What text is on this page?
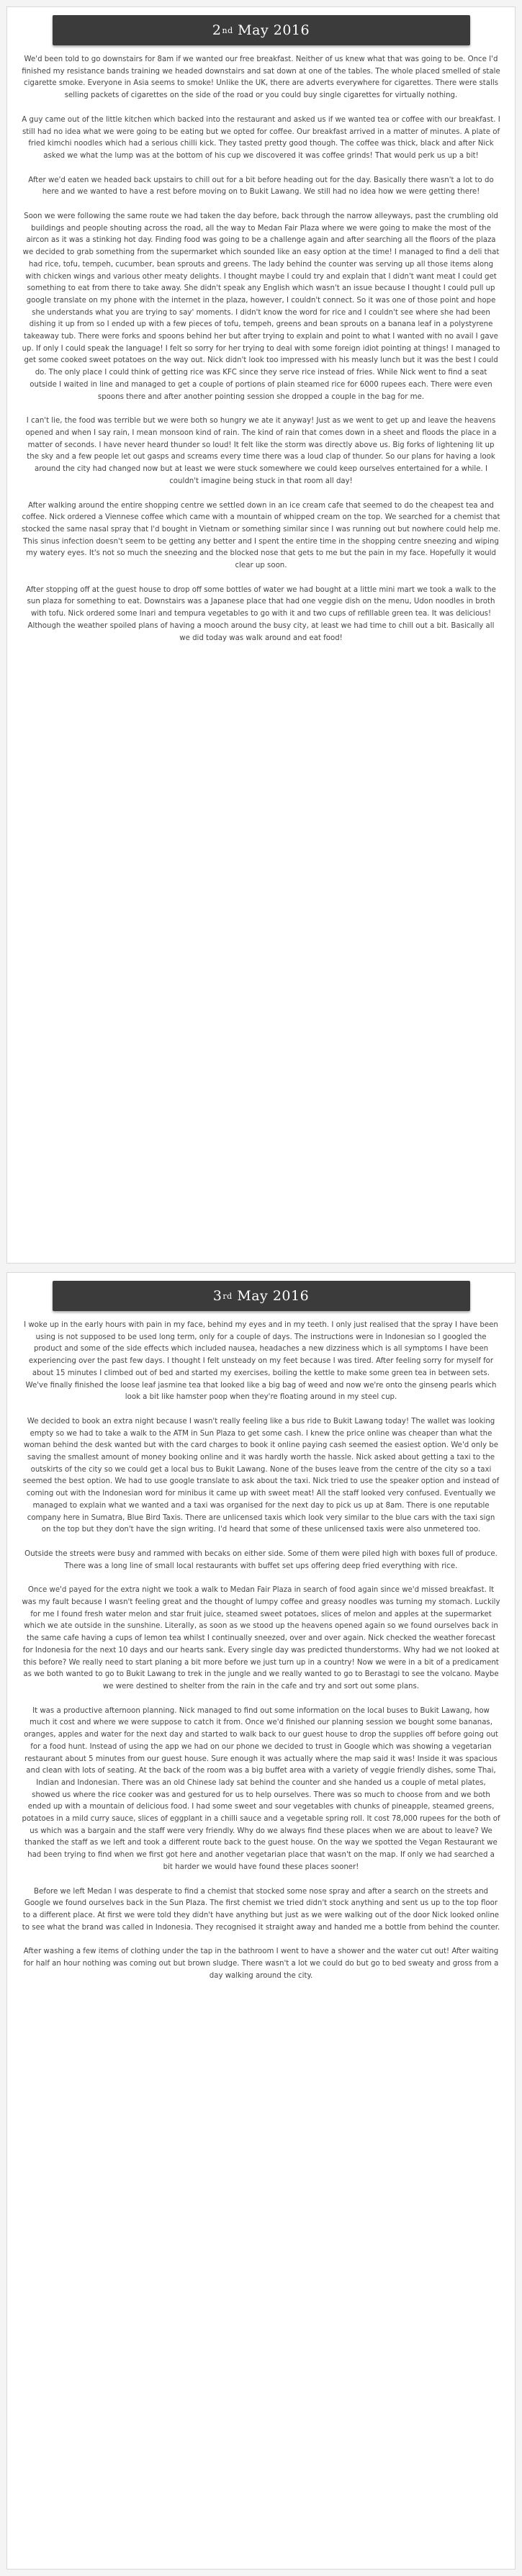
2 nd
May 2016

We'd been told to go downstairs for 8am if we wanted our free breakfast. Neither of us knew what that was going to be. Once I'd finished my resistance bands training we headed downstairs and sat down at one of the tables. The whole placed smelled of stale cigarette smoke. Everyone in Asia seems to smoke! Unlike the UK, there are adverts everywhere for cigarettes. There were stalls selling packets of cigarettes on the side of the road or you could buy single cigarettes for virtually nothing.

A guy came out of the little kitchen which backed into the restaurant and asked us if we wanted tea or coffee with our breakfast. I still had no idea what we were going to be eating but we opted for coffee. Our breakfast arrived in a matter of minutes. A plate of fried kimchi noodles which had a serious chilli kick. They tasted pretty good though. The coffee was thick, black and after Nick asked we what the lump was at the bottom of his cup we discovered it was coffee grinds! That would perk us up a bit!

After we'd eaten we headed back upstairs to chill out for a bit before heading out for the day. Basically there wasn't a lot to do here and we wanted to have a rest before moving on to Bukit Lawang. We still had no idea how we were getting there!

Soon we were following the same route we had taken the day before, back through the narrow alleyways, past the crumbling old buildings and people shouting across the road, all the way to Medan Fair Plaza where we were going to make the most of the aircon as it was a stinking hot day. Finding food was going to be a challenge again and after searching all the floors of the plaza we decided to grab something from the supermarket which sounded like an easy option at the time! I managed to find a deli that had rice, tofu, tempeh, cucumber, bean sprouts and greens. The lady behind the counter was serving up all those items along with chicken wings and various other meaty delights. I thought maybe I could try and explain that I didn't want meat I could get something to eat from there to take away. She didn't speak any English which wasn't an issue because I thought I could pull up google translate on my phone with the internet in the plaza, however, I couldn't connect. So it was one of those point and hope she understands what you are trying to say' moments. I didn't know the word for rice and I couldn't see where she had been dishing it up from so I ended up with a few pieces of tofu, tempeh, greens and bean sprouts on a banana leaf in a polystyrene takeaway tub. There were forks and spoons behind her but after trying to explain and point to what I wanted with no avail I gave up. If only I could speak the language! I felt so sorry for her trying to deal with some foreign idiot pointing at things! I managed to get some cooked sweet potatoes on the way out. Nick didn't look too impressed with his measly lunch but it was the best I could do. The only place I could think of getting rice was KFC since they serve rice instead of fries. While Nick went to find a seat outside I waited in line and managed to get a couple of portions of plain steamed rice for 6000 rupees each. There were even spoons there and after another pointing session she dropped a couple in the bag for me.

I can't lie, the food was terrible but we were both so hungry we ate it anyway! Just as we went to get up and leave the heavens opened and when I say rain, I mean monsoon kind of rain. The kind of rain that comes down in a sheet and floods the place in a matter of seconds. I have never heard thunder so loud! It felt like the storm was directly above us. Big forks of lightening lit up the sky and a few people let out gasps and screams every time there was a loud clap of thunder. So our plans for having a look around the city had changed now but at least we were stuck somewhere we could keep ourselves entertained for a while. I couldn't imagine being stuck in that room all day!

After walking around the entire shopping centre we settled down in an ice cream cafe that seemed to do the cheapest tea and coffee. Nick ordered a Viennese coffee which came with a mountain of whipped cream on the top. We searched for a chemist that stocked the same nasal spray that I'd bought in Vietnam or something similar since I was running out but nowhere could help me. This sinus infection doesn't seem to be getting any better and I spent the entire time in the shopping centre sneezing and wiping my watery eyes. It's not so much the sneezing and the blocked nose that gets to me but the pain in my face. Hopefully it would clear up soon.

After stopping off at the guest house to drop off some bottles of water we had bought at a little mini mart we took a walk to the sun plaza for something to eat. Downstairs was a Japanese place that had one veggie dish on the menu, Udon noodles in broth with tofu. Nick ordered some Inari and tempura vegetables to go with it and two cups of refillable green tea. It was delicious! Although the weather spoiled plans of having a mooch around the busy city, at least we had time to chill out a bit. Basically all we did today was walk around and eat food!

3 rd
May 2016

I woke up in the early hours with pain in my face, behind my eyes and in my teeth. I only just realised that the spray I have been using is not supposed to be used long term, only for a couple of days. The instructions were in Indonesian so I googled the product and some of the side effects which included nausea, headaches a new dizziness which is all symptoms I have been experiencing over the past few days. I thought I felt unsteady on my feet because I was tired. After feeling sorry for myself for about 15 minutes I climbed out of bed and started my exercises, boiling the kettle to make some green tea in between sets. We've finally finished the loose leaf jasmine tea that looked like a big bag of weed and now we're onto the ginseng pearls which look a bit like hamster poop when they're floating around in my steel cup.

We decided to book an extra night because I wasn't really feeling like a bus ride to Bukit Lawang today! The wallet was looking empty so we had to take a walk to the ATM in Sun Plaza to get some cash. I knew the price online was cheaper than what the woman behind the desk wanted but with the card charges to book it online paying cash seemed the easiest option. We'd only be saving the smallest amount of money booking online and it was hardly worth the hassle. Nick asked about getting a taxi to the outskirts of the city so we could get a local bus to Bukit Lawang. None of the buses leave from the centre of the city so a taxi seemed the best option. We had to use google translate to ask about the taxi. Nick tried to use the speaker option and instead of coming out with the Indonesian word for minibus it came up with sweet meat! All the staff looked very confused. Eventually we managed to explain what we wanted and a taxi was organised for the next day to pick us up at 8am. There is one reputable company here in Sumatra, Blue Bird Taxis. There are unlicensed taxis which look very similar to the blue cars with the taxi sign on the top but they don't have the sign writing. I'd heard that some of these unlicensed taxis were also unmetered too.

Outside the streets were busy and rammed with becaks on either side. Some of them were piled high with boxes full of produce. There was a long line of small local restaurants with buffet set ups offering deep fried everything with rice.

Once we'd payed for the extra night we took a walk to Medan Fair Plaza in search of food again since we'd missed breakfast. It was my fault because I wasn't feeling great and the thought of lumpy coffee and greasy noodles was turning my stomach. Luckily for me I found fresh water melon and star fruit juice, steamed sweet potatoes, slices of melon and apples at the supermarket which we ate outside in the sunshine. Literally, as soon as we stood up the heavens opened again so we found ourselves back in the same cafe having a cups of lemon tea whilst I continually sneezed, over and over again. Nick checked the weather forecast for Indonesia for the next 10 days and our hearts sank. Every single day was predicted thunderstorms. Why had we not looked at this before? We really need to start planing a bit more before we just turn up in a country! Now we were in a bit of a predicament as we both wanted to go to Bukit Lawang to trek in the jungle and we really wanted to go to Berastagi to see the volcano. Maybe we were destined to shelter from the rain in the cafe and try and sort out some plans.

It was a productive afternoon planning. Nick managed to find out some information on the local buses to Bukit Lawang, how much it cost and where we were suppose to catch it from. Once we'd finished our planning session we bought some bananas, oranges, apples and water for the next day and started to walk back to our guest house to drop the supplies off before going out for a food hunt. Instead of using the app we had on our phone we decided to trust in Google which was showing a vegetarian restaurant about 5 minutes from our guest house. Sure enough it was actually where the map said it was! Inside it was spacious and clean with lots of seating. At the back of the room was a big buffet area with a variety of veggie friendly dishes, some Thai, Indian and Indonesian. There was an old Chinese lady sat behind the counter and she handed us a couple of metal plates, showed us where the rice cooker was and gestured for us to help ourselves. There was so much to choose from and we both ended up with a mountain of delicious food. I had some sweet and sour vegetables with chunks of pineapple, steamed greens, potatoes in a mild curry sauce, slices of eggplant in a chilli sauce and a vegetable spring roll. It cost 78,000 rupees for the both of us which was a bargain and the staff were very friendly. Why do we always find these places when we are about to leave? We thanked the staff as we left and took a different route back to the guest house. On the way we spotted the Vegan Restaurant we had been trying to find when we first got here and another vegetarian place that wasn't on the map. If only we had searched a bit harder we would have found these places sooner!

Before we left Medan I was desperate to find a chemist that stocked some nose spray and after a search on the streets and Google we found ourselves back in the Sun Plaza. The first chemist we tried didn't stock anything and sent us up to the top floor to a different place. At first we were told they didn't have anything but just as we were walking out of the door Nick looked online to see what the brand was called in Indonesia. They recognised it straight away and handed me a bottle from behind the counter.

After washing a few items of clothing under the tap in the bathroom I went to have a shower and the water cut out! After waiting for half an hour nothing was coming out but brown sludge. There wasn't a lot we could do but go to bed sweaty and gross from a day walking around the city.
